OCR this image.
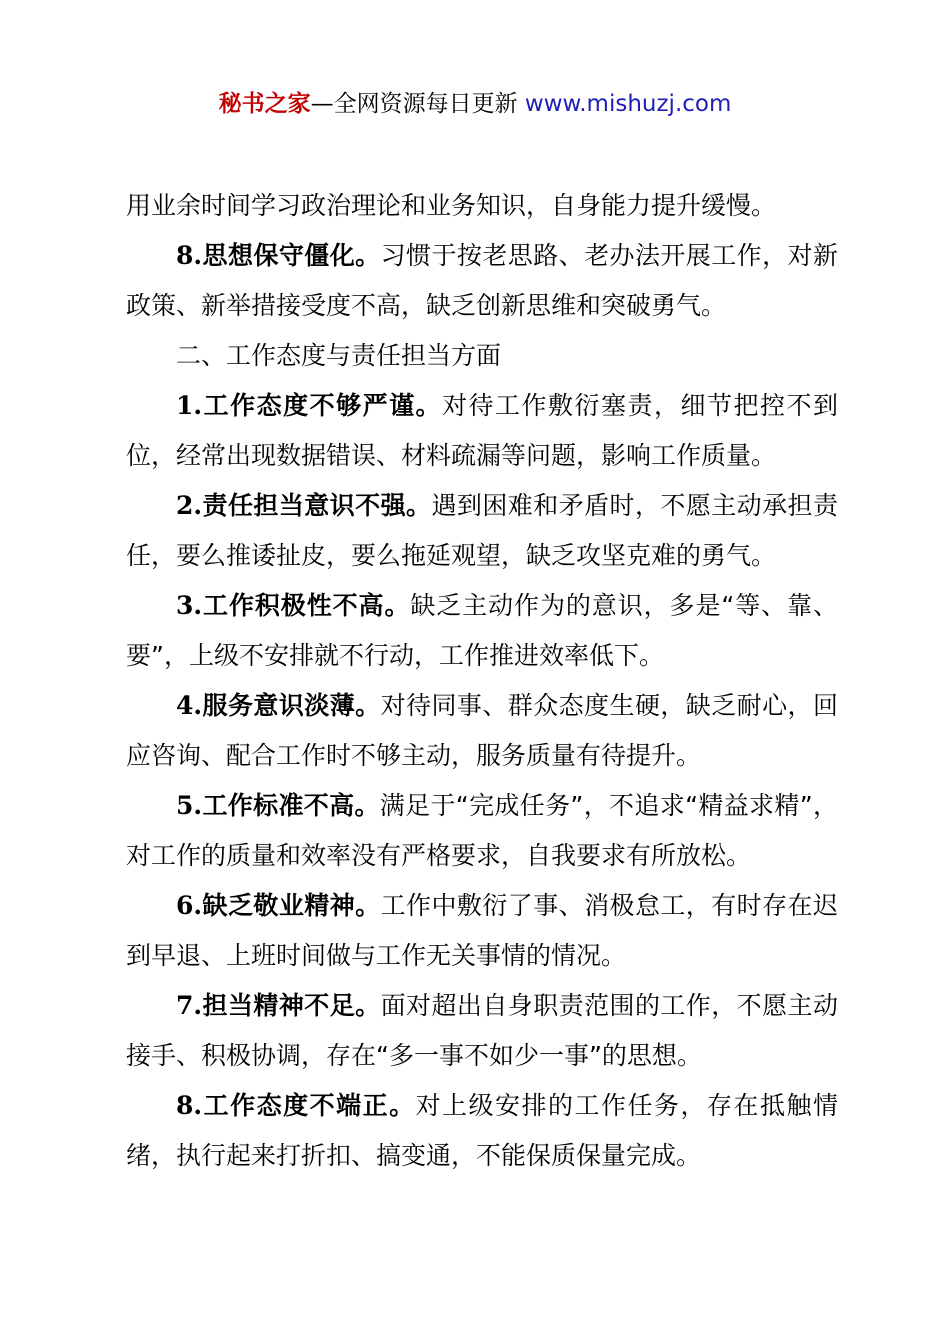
秘书之家—全网资源每日更新 www.mishuzj.com

用业余时间学习政治理论和业务知识，自身能力提升缓慢。

8.思想保守僵化。习惯于按老思路、老办法开展工作，对新政策、新举措接受度不高，缺乏创新思维和突破勇气。

二、工作态度与责任担当方面

1.工作态度不够严谨。对待工作敷衍塞责，细节把控不到位，经常出现数据错误、材料疏漏等问题，影响工作质量。

2.责任担当意识不强。遇到困难和矛盾时，不愿主动承担责任，要么推诿扯皮，要么拖延观望，缺乏攻坚克难的勇气。

3.工作积极性不高。缺乏主动作为的意识，多是“等、靠、要”，上级不安排就不行动，工作推进效率低下。

4.服务意识淡薄。对待同事、群众态度生硬，缺乏耐心，回应咨询、配合工作时不够主动，服务质量有待提升。

5.工作标准不高。满足于“完成任务”，不追求“精益求精”，对工作的质量和效率没有严格要求，自我要求有所放松。

6.缺乏敬业精神。工作中敷衍了事、消极怠工，有时存在迟到早退、上班时间做与工作无关事情的情况。

7.担当精神不足。面对超出自身职责范围的工作，不愿主动接手、积极协调，存在“多一事不如少一事”的思想。

8.工作态度不端正。对上级安排的工作任务，存在抵触情绪，执行起来打折扣、搞变通，不能保质保量完成。
